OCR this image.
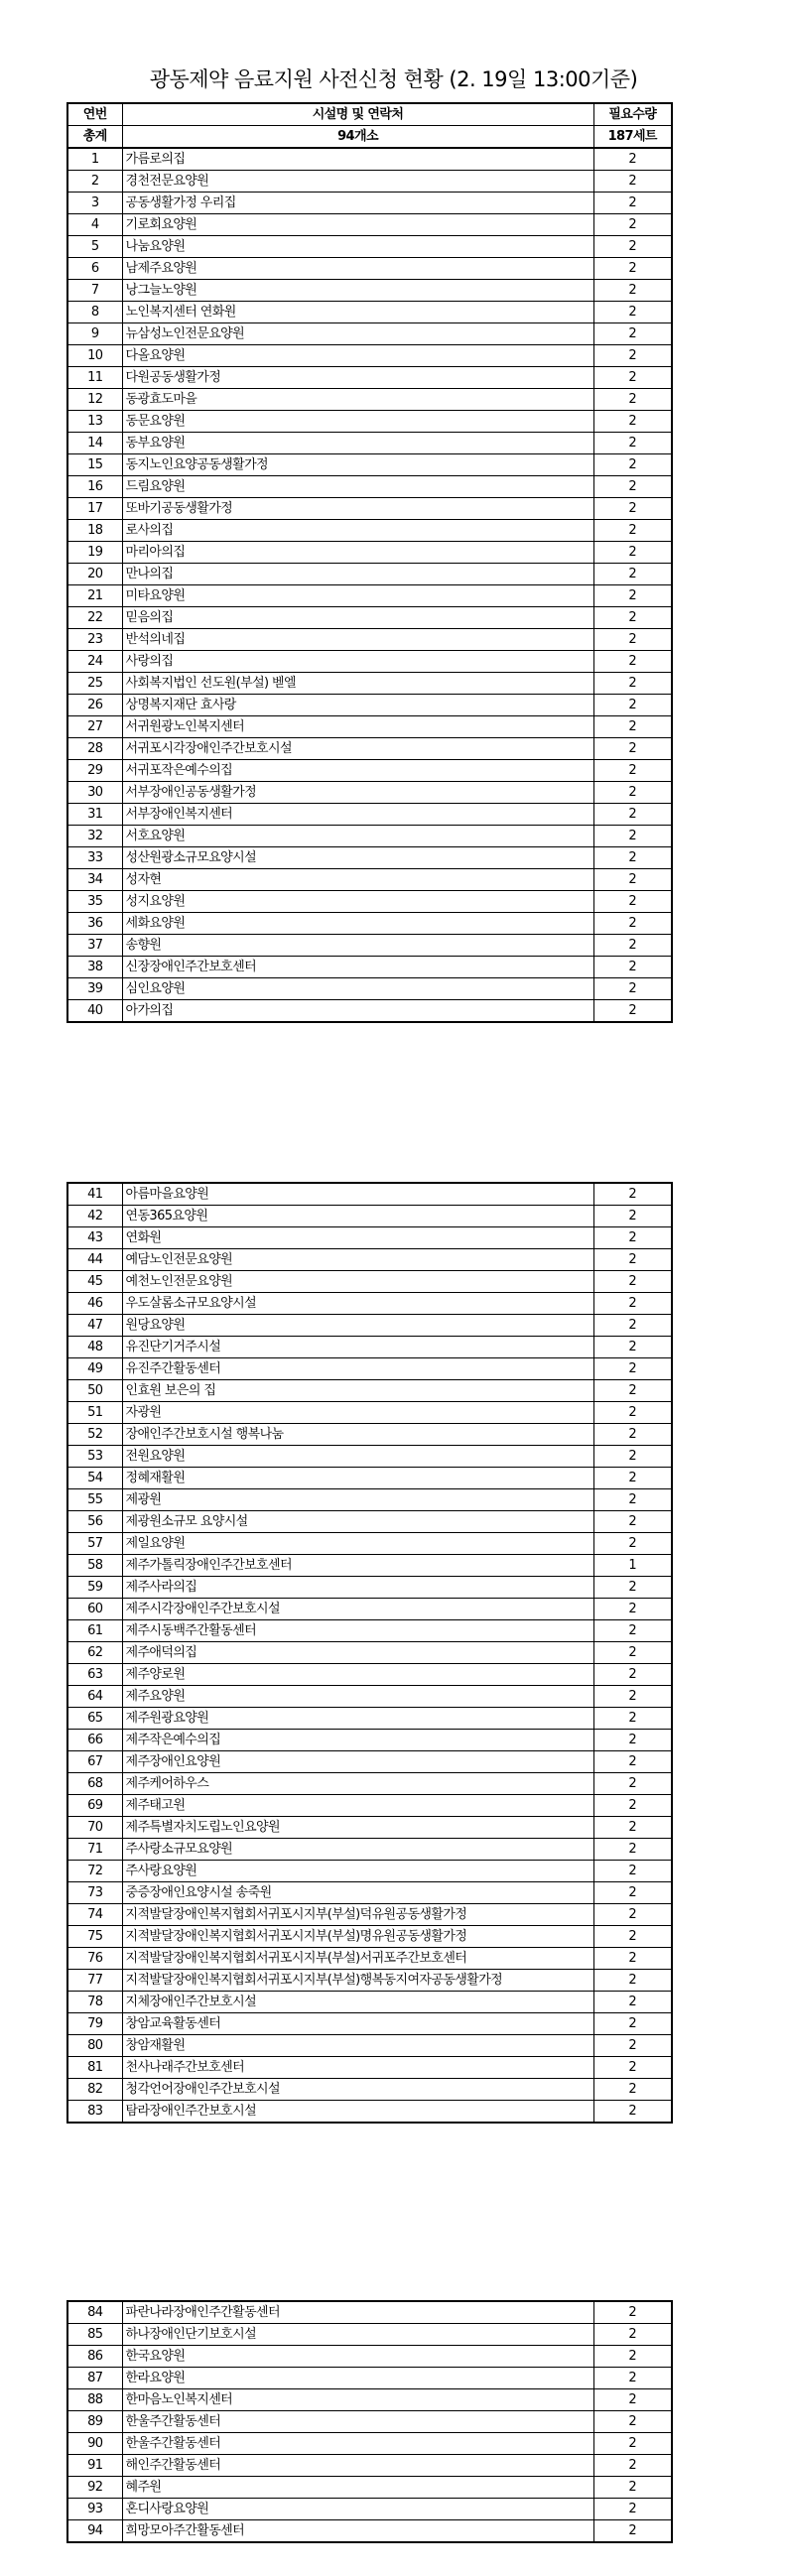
광동제약 음료지원 사전신청 현황 (2. 19일 13:00기준)
연번	시설명 및 연락처	필요수량
총계	94개소	187세트
1	가름로의집	2
2	경천전문요양원	2
3	공동생활가정 우리집	2
4	기로회요양원	2
5	나눔요양원	2
6	남제주요양원	2
7	낭그늘노양원	2
8	노인복지센터 연화원	2
9	뉴삼성노인전문요양원	2
10	다올요양원	2
11	다원공동생활가정	2
12	동광효도마을	2
13	동문요양원	2
14	동부요양원	2
15	동지노인요양공동생활가정	2
16	드림요양원	2
17	또바기공동생활가정	2
18	로사의집	2
19	마리아의집	2
20	만나의집	2
21	미타요양원	2
22	믿음의집	2
23	반석의네집	2
24	사랑의집	2
25	사회복지법인 선도원(부설) 벧엘	2
26	상명복지재단 효사랑	2
27	서귀원광노인복지센터	2
28	서귀포시각장애인주간보호시설	2
29	서귀포작은예수의집	2
30	서부장애인공동생활가정	2
31	서부장애인복지센터	2
32	서호요양원	2
33	성산원광소규모요양시설	2
34	성자현	2
35	성지요양원	2
36	세화요양원	2
37	송향원	2
38	신장장애인주간보호센터	2
39	심인요양원	2
40	아가의집	2
41	아름마을요양원	2
42	연동365요양원	2
43	연화원	2
44	예담노인전문요양원	2
45	예천노인전문요양원	2
46	우도살롬소규모요양시설	2
47	원당요양원	2
48	유진단기거주시설	2
49	유진주간활동센터	2
50	인효원 보은의 집	2
51	자광원	2
52	장애인주간보호시설 행복나눔	2
53	전원요양원	2
54	정혜재활원	2
55	제광원	2
56	제광원소규모 요양시설	2
57	제일요양원	2
58	제주가톨릭장애인주간보호센터	1
59	제주사라의집	2
60	제주시각장애인주간보호시설	2
61	제주시동백주간활동센터	2
62	제주애덕의집	2
63	제주양로원	2
64	제주요양원	2
65	제주원광요양원	2
66	제주작은예수의집	2
67	제주장애인요양원	2
68	제주케어하우스	2
69	제주태고원	2
70	제주특별자치도립노인요양원	2
71	주사랑소규모요양원	2
72	주사랑요양원	2
73	중증장애인요양시설 송죽원	2
74	지적발달장애인복지협회서귀포시지부(부설)덕유원공동생활가정	2
75	지적발달장애인복지협회서귀포시지부(부설)명유원공동생활가정	2
76	지적발달장애인복지협회서귀포시지부(부설)서귀포주간보호센터	2
77	지적발달장애인복지협회서귀포시지부(부설)행복동지여자공동생활가정	2
78	지체장애인주간보호시설	2
79	창암교육활동센터	2
80	창암재활원	2
81	천사나래주간보호센터	2
82	청각언어장애인주간보호시설	2
83	탐라장애인주간보호시설	2
84	파란나라장애인주간활동센터	2
85	하나장애인단기보호시설	2
86	한국요양원	2
87	한라요양원	2
88	한마음노인복지센터	2
89	한울주간활동센터	2
90	한울주간활동센터	2
91	해인주간활동센터	2
92	혜주원	2
93	혼디사랑요양원	2
94	희망모아주간활동센터	2
